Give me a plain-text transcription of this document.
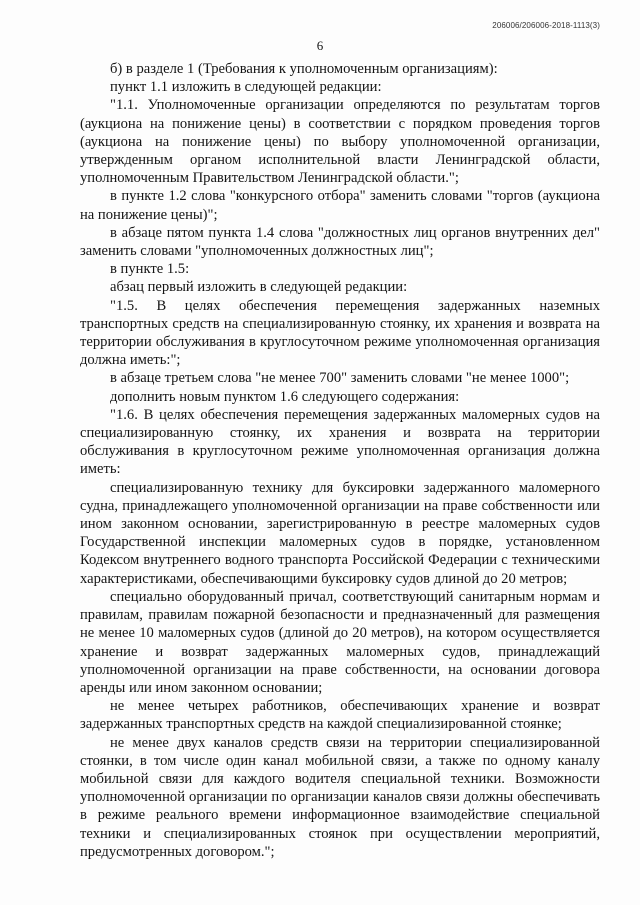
206006/206006-2018-1113(3)
6

б) в разделе 1 (Требования к уполномоченным организациям):

пункт 1.1 изложить в следующей редакции:

"1.1. Уполномоченные организации определяются по результатам торгов (аукциона на понижение цены) в соответствии с порядком проведения торгов (аукциона на понижение цены) по выбору уполномоченной организации, утвержденным органом исполнительной власти Ленинградской области, уполномоченным Правительством Ленинградской области.";

в пункте 1.2 слова "конкурсного отбора" заменить словами "торгов (аукциона на понижение цены)";

в абзаце пятом пункта 1.4 слова "должностных лиц органов внутренних дел" заменить словами "уполномоченных должностных лиц";

в пункте 1.5:

абзац первый изложить в следующей редакции:

"1.5. В целях обеспечения перемещения задержанных наземных транспортных средств на специализированную стоянку, их хранения и возврата на территории обслуживания в круглосуточном режиме уполномоченная организация должна иметь:";

в абзаце третьем слова "не менее 700" заменить словами "не менее 1000";

дополнить новым пунктом 1.6 следующего содержания:

"1.6. В целях обеспечения перемещения задержанных маломерных судов на специализированную стоянку, их хранения и возврата на территории обслуживания в круглосуточном режиме уполномоченная организация должна иметь:

специализированную технику для буксировки задержанного маломерного судна, принадлежащего уполномоченной организации на праве собственности или ином законном основании, зарегистрированную в реестре маломерных судов Государственной инспекции маломерных судов в порядке, установленном Кодексом внутреннего водного транспорта Российской Федерации с техническими характеристиками, обеспечивающими буксировку судов длиной до 20 метров;

специально оборудованный причал, соответствующий санитарным нормам и правилам, правилам пожарной безопасности и предназначенный для размещения не менее 10 маломерных судов (длиной до 20 метров), на котором осуществляется хранение и возврат задержанных маломерных судов, принадлежащий уполномоченной организации на праве собственности, на основании договора аренды или ином законном основании;

не менее четырех работников, обеспечивающих хранение и возврат задержанных транспортных средств на каждой специализированной стоянке;

не менее двух каналов средств связи на территории специализированной стоянки, в том числе один канал мобильной связи, а также по одному каналу мобильной связи для каждого водителя специальной техники. Возможности уполномоченной организации по организации каналов связи должны обеспечивать в режиме реального времени информационное взаимодействие специальной техники и специализированных стоянок при осуществлении мероприятий, предусмотренных договором.";
